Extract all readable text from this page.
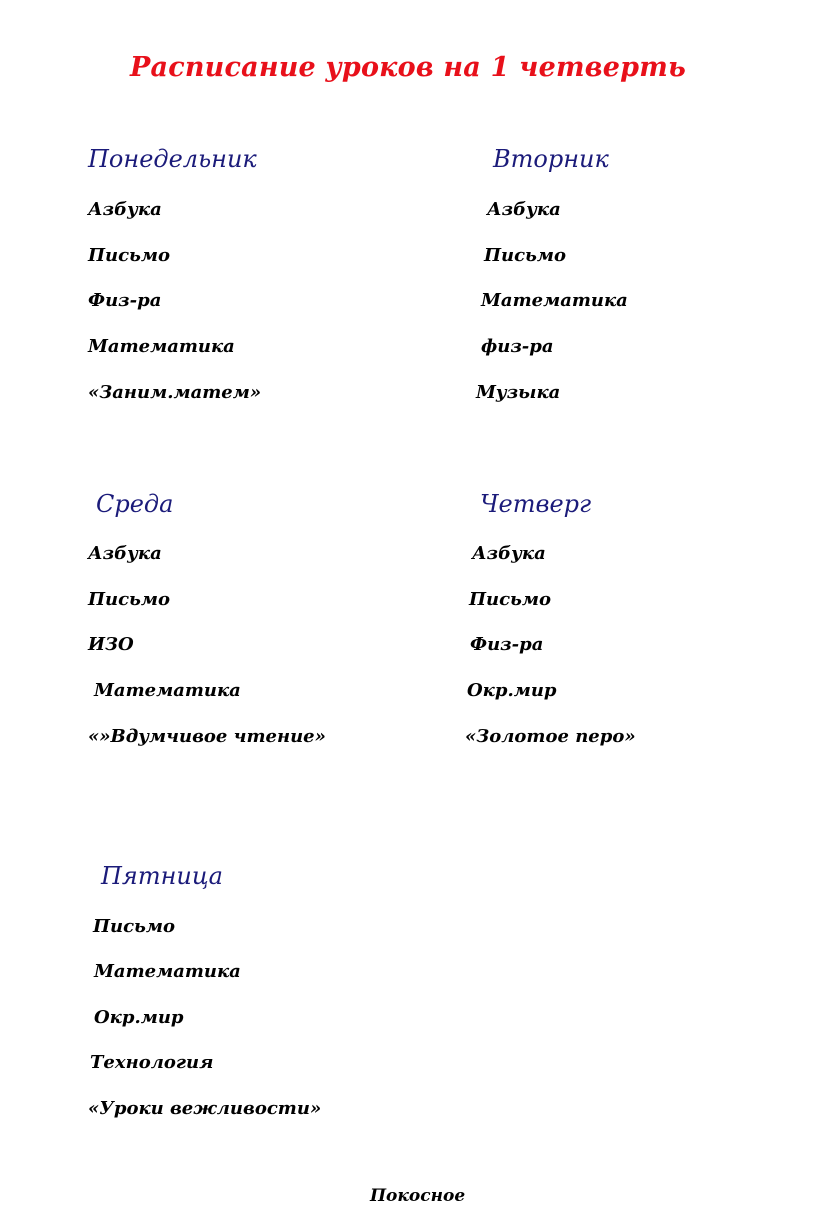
Расписание уроков на 1 четверть
Понедельник
Азбука
Письмо
Физ-ра
Математика
«Заним.матем»
Вторник
Азбука
Письмо
Математика
физ-ра
Музыка
Среда
Азбука
Письмо
ИЗО
Математика
«»Вдумчивое чтение»
Четверг
Азбука
Письмо
Физ-ра
Окр.мир
«Золотое перо»
Пятница
Письмо
Математика
Окр.мир
Технология
«Уроки вежливости»
Покосное
